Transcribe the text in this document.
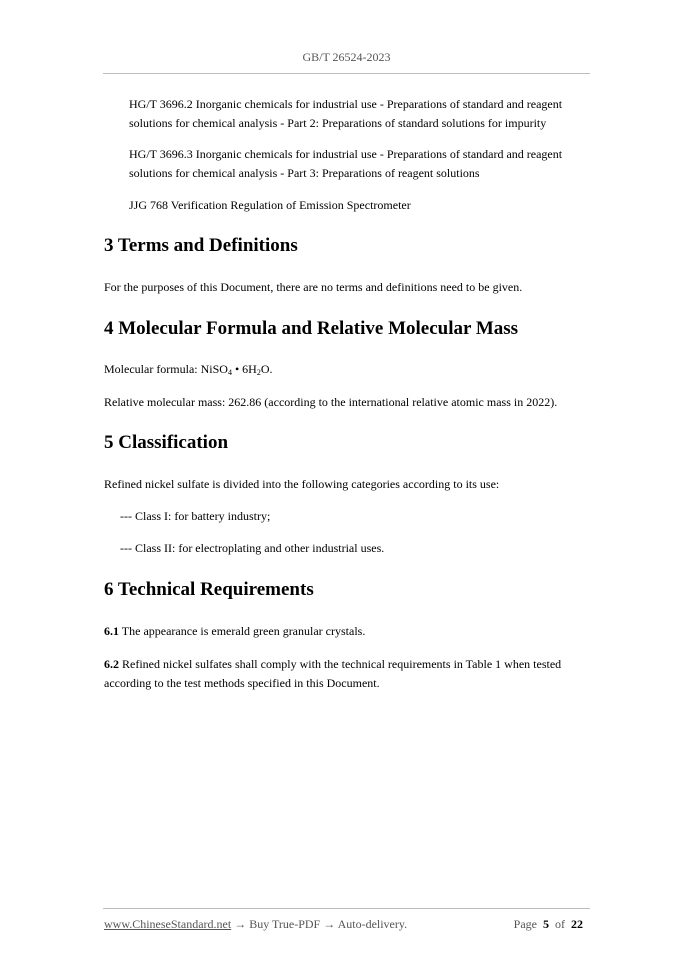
GB/T 26524-2023
HG/T 3696.2 Inorganic chemicals for industrial use - Preparations of standard and reagent solutions for chemical analysis - Part 2: Preparations of standard solutions for impurity
HG/T 3696.3 Inorganic chemicals for industrial use - Preparations of standard and reagent solutions for chemical analysis - Part 3: Preparations of reagent solutions
JJG 768 Verification Regulation of Emission Spectrometer
3 Terms and Definitions
For the purposes of this Document, there are no terms and definitions need to be given.
4 Molecular Formula and Relative Molecular Mass
Molecular formula: NiSO$_4$ • $6H_2O$.
Relative molecular mass: 262.86 (according to the international relative atomic mass in 2022).
5 Classification
Refined nickel sulfate is divided into the following categories according to its use:
--- Class I: for battery industry;
--- Class II: for electroplating and other industrial uses.
6 Technical Requirements
6.1 The appearance is emerald green granular crystals.
6.2 Refined nickel sulfates shall comply with the technical requirements in Table 1 when tested according to the test methods specified in this Document.
www.ChineseStandard.net → Buy True-PDF → Auto-delivery.	Page 5 of 22
